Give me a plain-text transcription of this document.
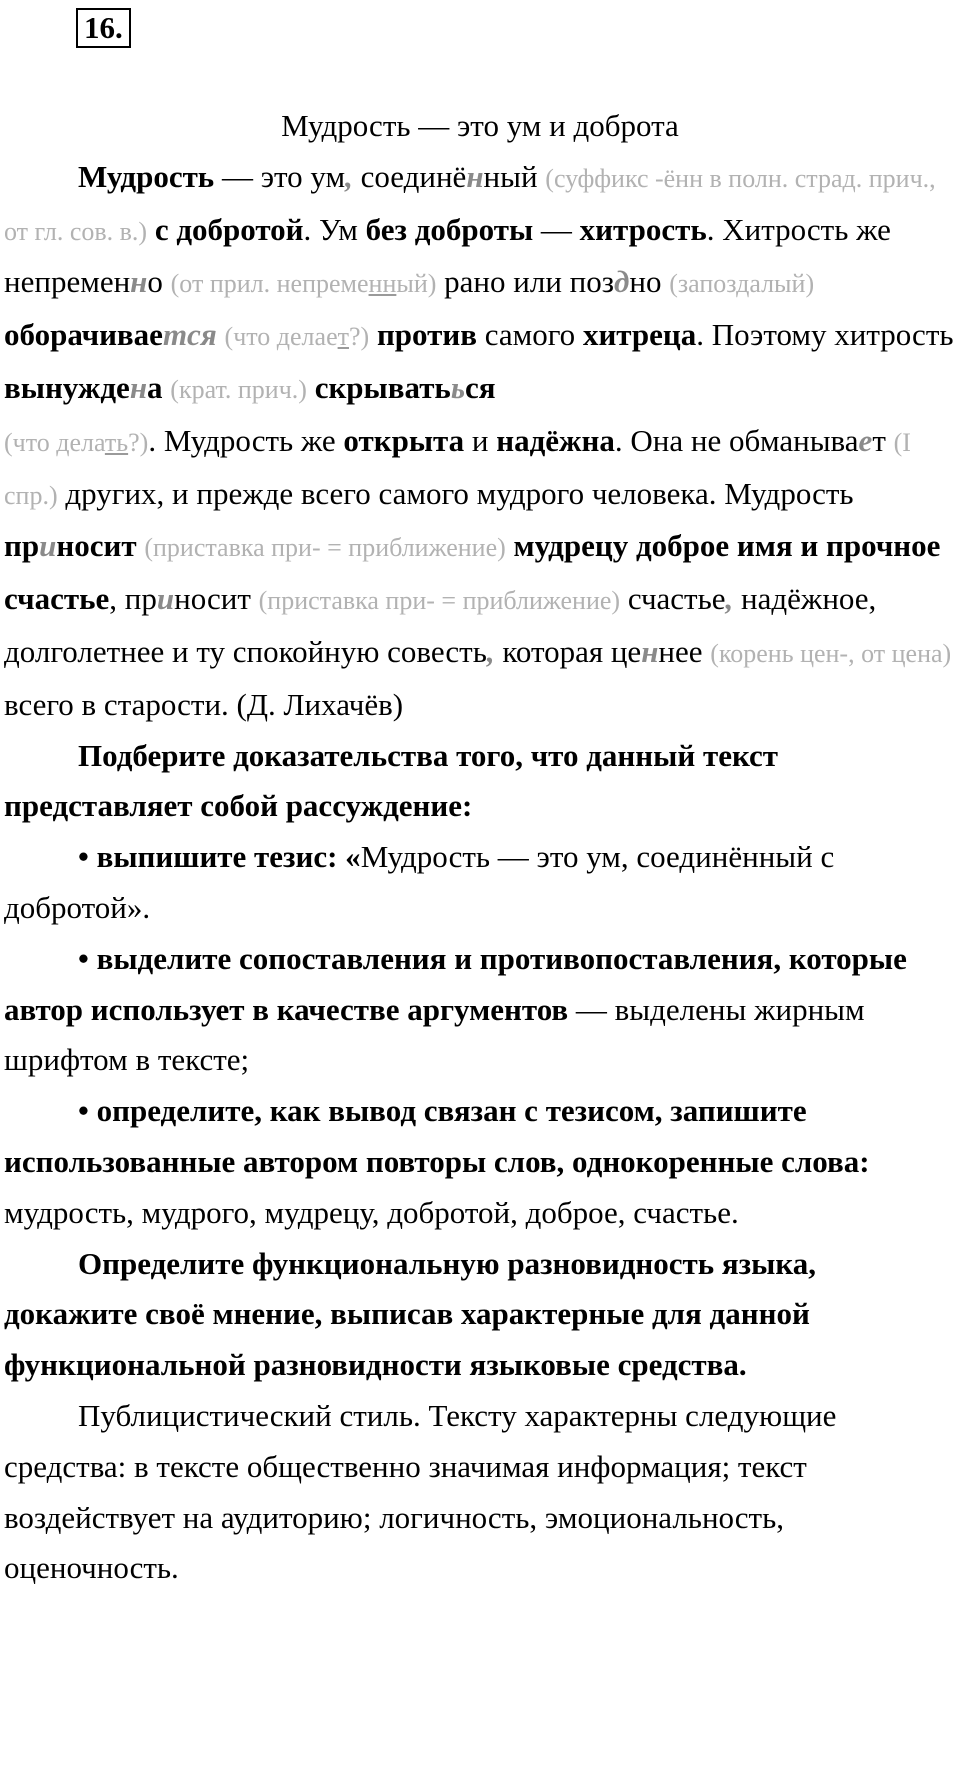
16.

Мудрость — это ум и доброта

Мудрость — это ум, соединённый (суффикс -ённ в полн. страд. прич., от гл. сов. в.) с добротой. Ум без доброты — хитрость. Хитрость же непременно (от прил. непременный) рано или поздно (запоздалый)
оборачивается (что делает?) против самого хитреца. Поэтому хитрость вынуждена (крат. прич.) скрыватьься
(что делать?). Мудрость же открыта и надёжна. Она не обманывает (I спр.) других, и прежде всего самого мудрого человека. Мудрость приносит (приставка при- = приближение) мудрецу доброе имя и прочное счастье, приносит (приставка при- = приближение) счастье, надёжное, долголетнее и ту спокойную совесть, которая ценнее (корень цен-, от цена) всего в старости. (Д. Лихачёв)

Подберите доказательства того, что данный текст представляет собой рассуждение:

• выпишите тезис: «Мудрость — это ум, соединённый с добротой».

• выделите сопоставления и противопоставления, которые автор использует в качестве аргументов — выделены жирным шрифтом в тексте;

• определите, как вывод связан с тезисом, запишите использованные автором повторы слов, однокоренные слова: мудрость, мудрого, мудрецу, добротой, доброе, счастье.

Определите функциональную разновидность языка, докажите своё мнение, выписав характерные для данной функциональной разновидности языковые средства.

Публицистический стиль. Тексту характерны следующие средства: в тексте общественно значимая информация; текст воздействует на аудиторию; логичность, эмоциональность, оценочность.
